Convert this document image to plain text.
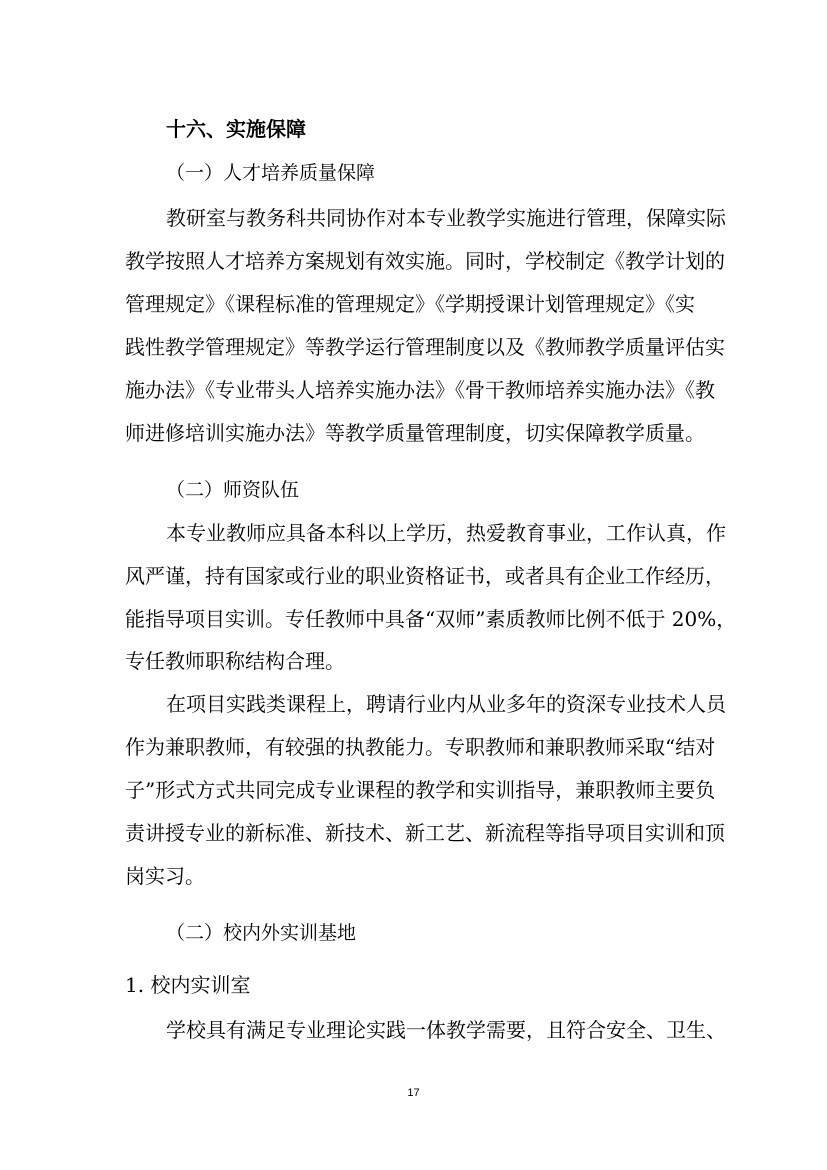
十六、实施保障
（一）人才培养质量保障
教研室与教务科共同协作对本专业教学实施进行管理，保障实际
教学按照人才培养方案规划有效实施。同时，学校制定《教学计划的
管理规定》《课程标准的管理规定》《学期授课计划管理规定》《实
践性教学管理规定》等教学运行管理制度以及《教师教学质量评估实
施办法》《专业带头人培养实施办法》《骨干教师培养实施办法》《教
师进修培训实施办法》等教学质量管理制度，切实保障教学质量。
（二）师资队伍
本专业教师应具备本科以上学历，热爱教育事业，工作认真，作
风严谨，持有国家或行业的职业资格证书，或者具有企业工作经历，
能指导项目实训。专任教师中具备“双师”素质教师比例不低于 20%，
专任教师职称结构合理。
在项目实践类课程上，聘请行业内从业多年的资深专业技术人员
作为兼职教师，有较强的执教能力。专职教师和兼职教师采取“结对
子”形式方式共同完成专业课程的教学和实训指导，兼职教师主要负
责讲授专业的新标准、新技术、新工艺、新流程等指导项目实训和顶
岗实习。
（二）校内外实训基地
1. 校内实训室
学校具有满足专业理论实践一体教学需要，且符合安全、卫生、
17
